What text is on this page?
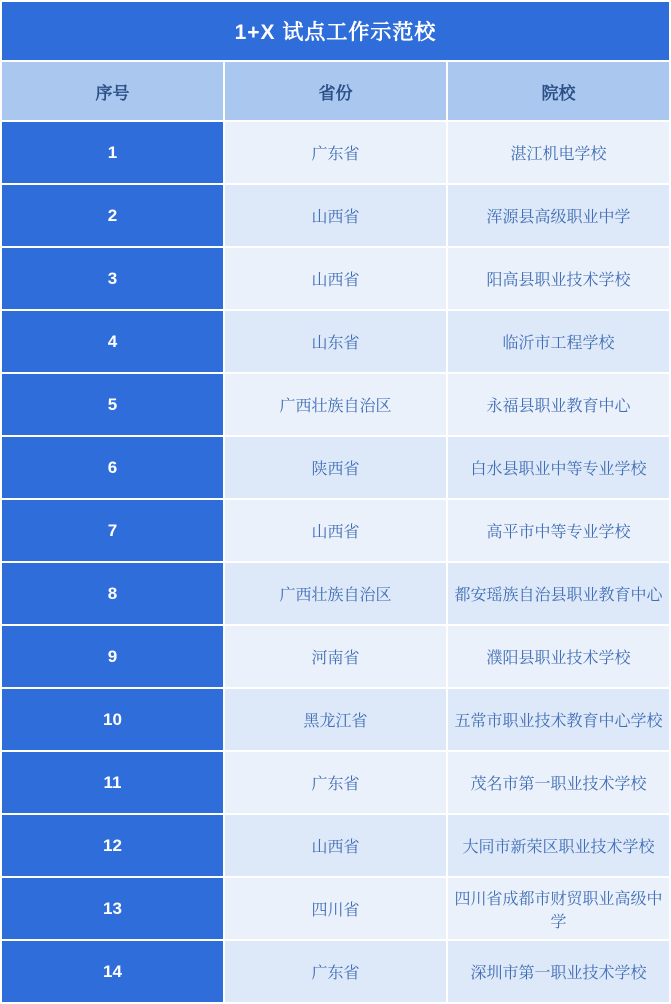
1+X 试点工作示范校		
序号	省份	院校
1	广东省	湛江机电学校
2	山西省	浑源县高级职业中学
3	山西省	阳高县职业技术学校
4	山东省	临沂市工程学校
5	广西壮族自治区	永福县职业教育中心
6	陕西省	白水县职业中等专业学校
7	山西省	高平市中等专业学校
8	广西壮族自治区	都安瑶族自治县职业教育中心
9	河南省	濮阳县职业技术学校
10	黑龙江省	五常市职业技术教育中心学校
11	广东省	茂名市第一职业技术学校
12	山西省	大同市新荣区职业技术学校
13	四川省	四川省成都市财贸职业高级中学
14	广东省	深圳市第一职业技术学校
